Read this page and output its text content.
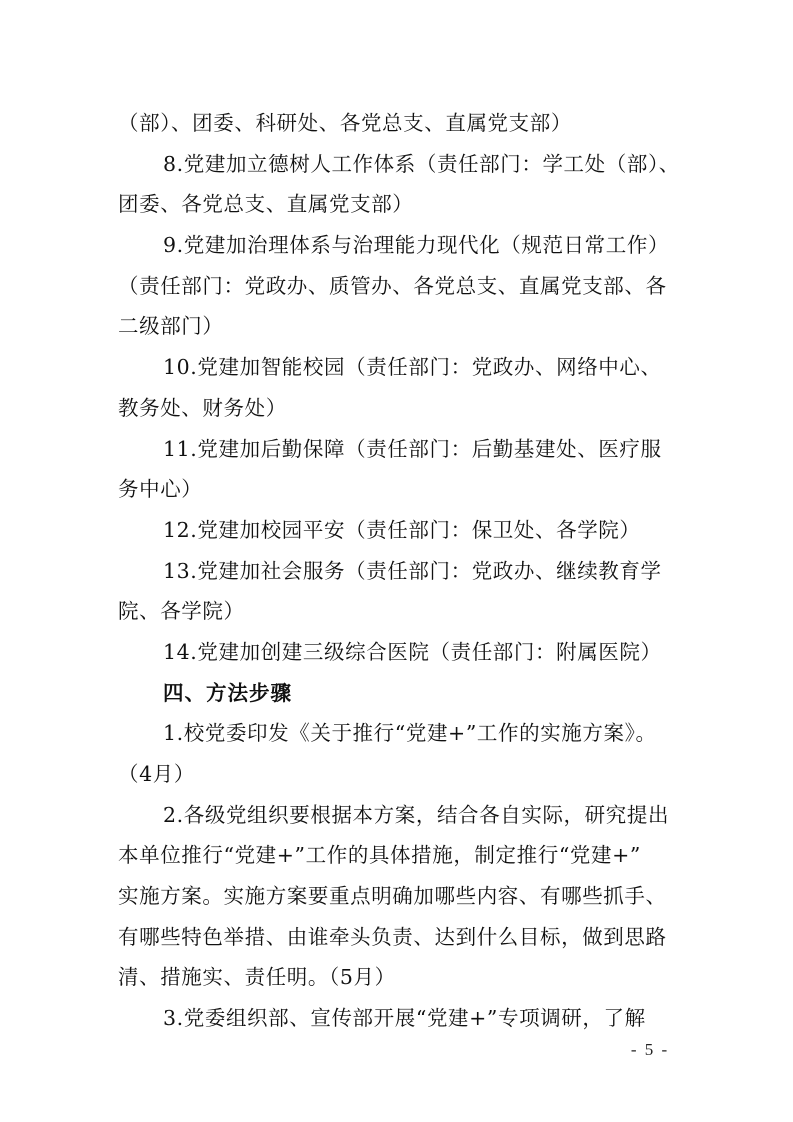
（部）、团委、科研处、各党总支、直属党支部）
8.党建加立德树人工作体系（责任部门：学工处（部）、
团委、各党总支、直属党支部）
9.党建加治理体系与治理能力现代化（规范日常工作）
（责任部门：党政办、质管办、各党总支、直属党支部、各
二级部门）
10.党建加智能校园（责任部门：党政办、网络中心、
教务处、财务处）
11.党建加后勤保障（责任部门：后勤基建处、医疗服
务中心）
12.党建加校园平安（责任部门：保卫处、各学院）
13.党建加社会服务（责任部门：党政办、继续教育学
院、各学院）
14.党建加创建三级综合医院（责任部门：附属医院）
四、方法步骤
1.校党委印发《关于推行“党建+”工作的实施方案》。
（4月）
2.各级党组织要根据本方案，结合各自实际，研究提出
本单位推行“党建+”工作的具体措施，制定推行“党建+”
实施方案。实施方案要重点明确加哪些内容、有哪些抓手、
有哪些特色举措、由谁牵头负责、达到什么目标，做到思路
清、措施实、责任明。（5月）
3.党委组织部、宣传部开展“党建+”专项调研，了解
- 5 -
